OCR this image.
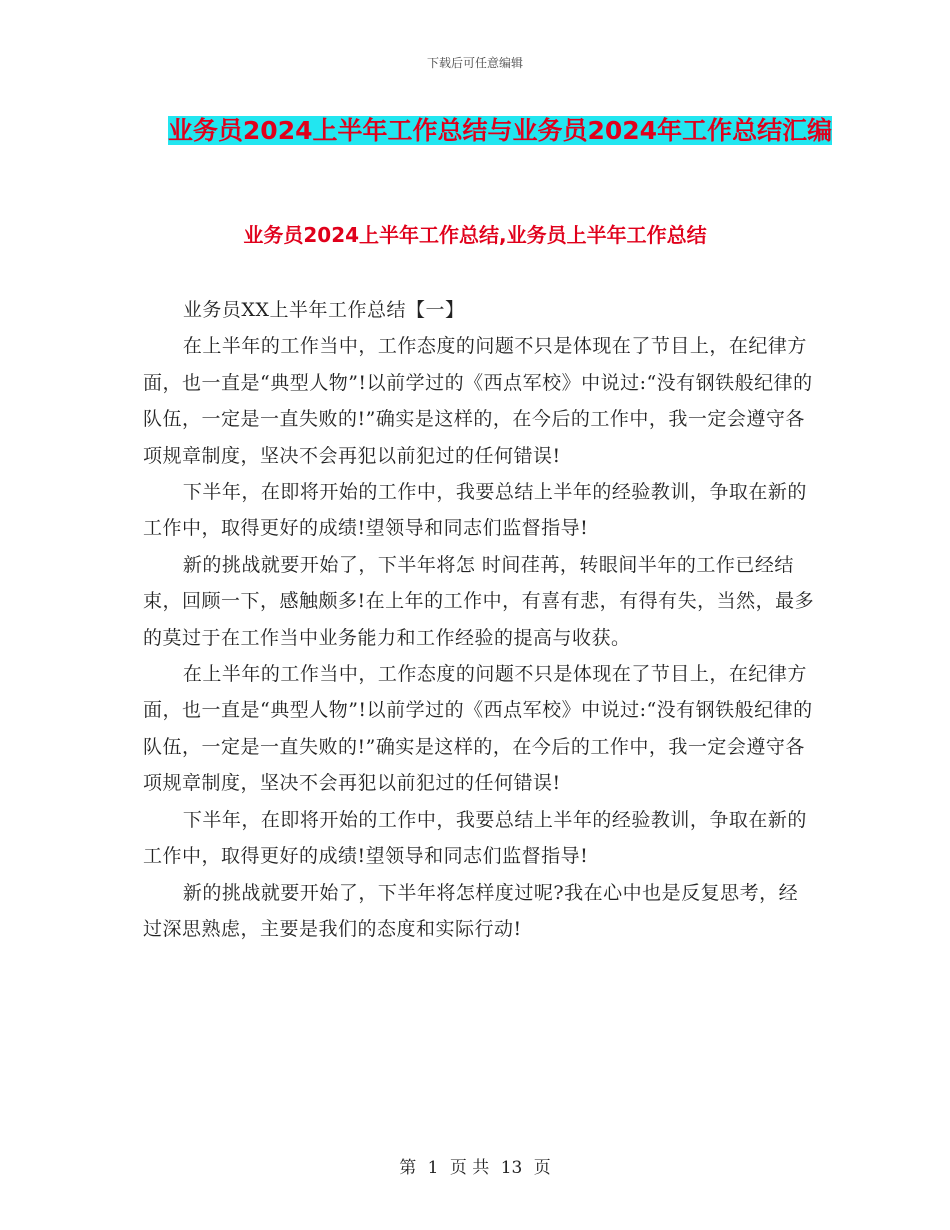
下载后可任意编辑
业务员2024上半年工作总结与业务员2024年工作总结汇编
业务员2024上半年工作总结,业务员上半年工作总结

业务员XX上半年工作总结【一】

在上半年的工作当中，工作态度的问题不只是体现在了节目上，在纪律方面，也一直是“典型人物”!以前学过的《西点军校》中说过:“没有钢铁般纪律的队伍，一定是一直失败的!”确实是这样的，在今后的工作中，我一定会遵守各项规章制度，坚决不会再犯以前犯过的任何错误!

下半年，在即将开始的工作中，我要总结上半年的经验教训，争取在新的工作中，取得更好的成绩!望领导和同志们监督指导!

新的挑战就要开始了，下半年将怎 时间荏苒，转眼间半年的工作已经结束，回顾一下，感触颇多!在上年的工作中，有喜有悲，有得有失，当然，最多的莫过于在工作当中业务能力和工作经验的提高与收获。

在上半年的工作当中，工作态度的问题不只是体现在了节目上，在纪律方面，也一直是“典型人物”!以前学过的《西点军校》中说过:“没有钢铁般纪律的队伍，一定是一直失败的!”确实是这样的，在今后的工作中，我一定会遵守各项规章制度，坚决不会再犯以前犯过的任何错误!

下半年，在即将开始的工作中，我要总结上半年的经验教训，争取在新的工作中，取得更好的成绩!望领导和同志们监督指导!

新的挑战就要开始了，下半年将怎样度过呢?我在心中也是反复思考，经过深思熟虑，主要是我们的态度和实际行动!

第 1 页 共 13 页
